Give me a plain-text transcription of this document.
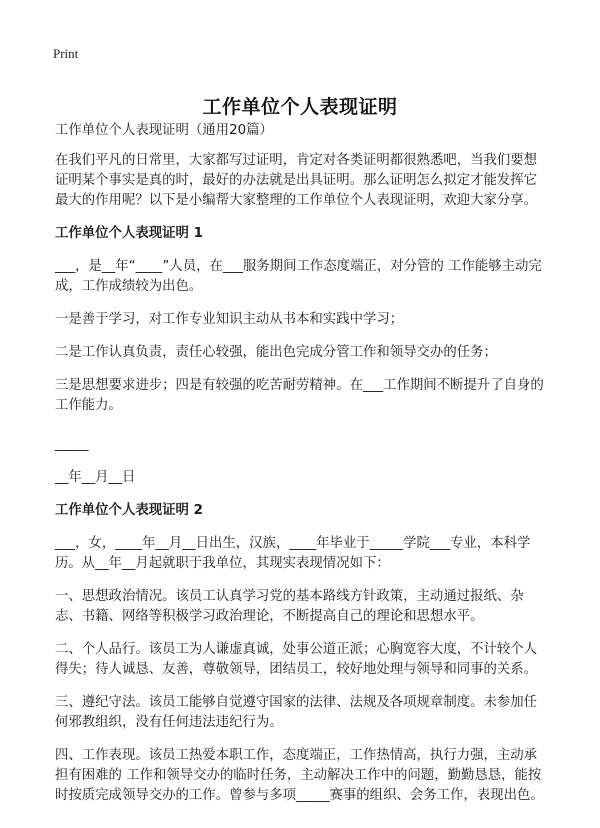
Print
工作单位个人表现证明

工作单位个人表现证明（通用20篇）

在我们平凡的日常里，大家都写过证明，肯定对各类证明都很熟悉吧，当我们要想证明某个事实是真的时，最好的办法就是出具证明。那么证明怎么拟定才能发挥它最大的作用呢？以下是小编帮大家整理的工作单位个人表现证明，欢迎大家分享。

工作单位个人表现证明 1

___，是__年“____”人员，在___服务期间工作态度端正，对分管的 工作能够主动完成，工作成绩较为出色。

一是善于学习，对工作专业知识主动从书本和实践中学习；

二是工作认真负责，责任心较强，能出色完成分管工作和领导交办的任务；

三是思想要求进步；四是有较强的吃苦耐劳精神。在___工作期间不断提升了自身的工作能力。

_____

__年__月__日

工作单位个人表现证明 2

___，女，____年__月__日出生，汉族，____年毕业于_____学院___专业，本科学历。从__年__月起就职于我单位，其现实表现情况如下：

一、思想政治情况。该员工认真学习党的基本路线方针政策，主动通过报纸、杂志、书籍、网络等积极学习政治理论，不断提高自己的理论和思想水平。

二、个人品行。该员工为人谦虚真诚，处事公道正派；心胸宽容大度，不计较个人得失；待人诚恳、友善，尊敬领导，团结员工，较好地处理与领导和同事的关系。

三、遵纪守法。该员工能够自觉遵守国家的法律、法规及各项规章制度。未参加任何邪教组织，没有任何违法违纪行为。

四、工作表现。该员工热爱本职工作，态度端正，工作热情高，执行力强，主动承担有困难的 工作和领导交办的临时任务，主动解决工作中的问题，勤勤恳恳，能按时按质完成领导交办的工作。曾参与多项_____赛事的组织、会务工作，表现出色。
